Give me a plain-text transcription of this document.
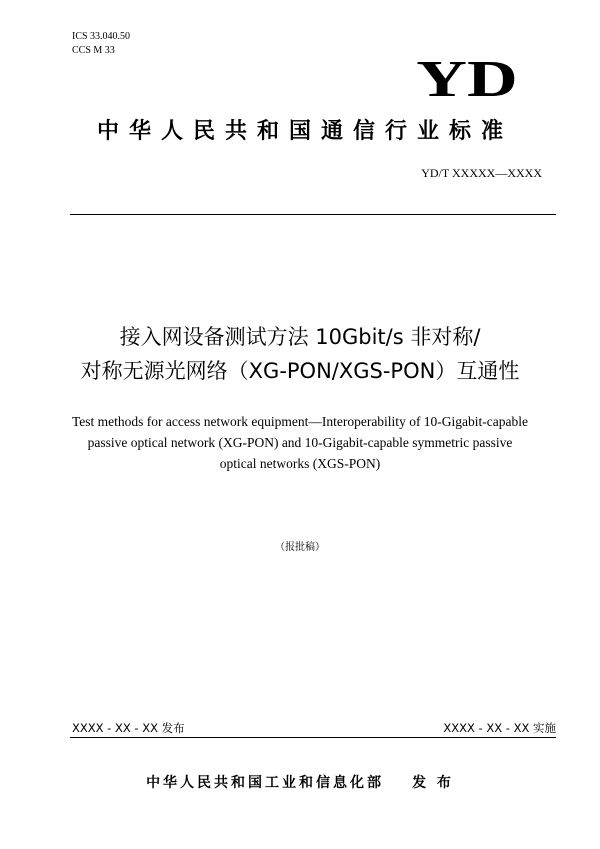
ICS 33.040.50
CCS M 33
YD
中华人民共和国通信行业标准
YD/T XXXXX—XXXX
接入网设备测试方法 10Gbit/s 非对称/
对称无源光网络（XG-PON/XGS-PON）互通性
Test methods for access network equipment—Interoperability of 10-Gigabit-capable
passive optical network (XG-PON) and 10-Gigabit-capable symmetric passive
optical networks (XGS-PON)
（报批稿）
XXXX - XX - XX 发布	XXXX - XX - XX 实施
中华人民共和国工业和信息化部 发 布
